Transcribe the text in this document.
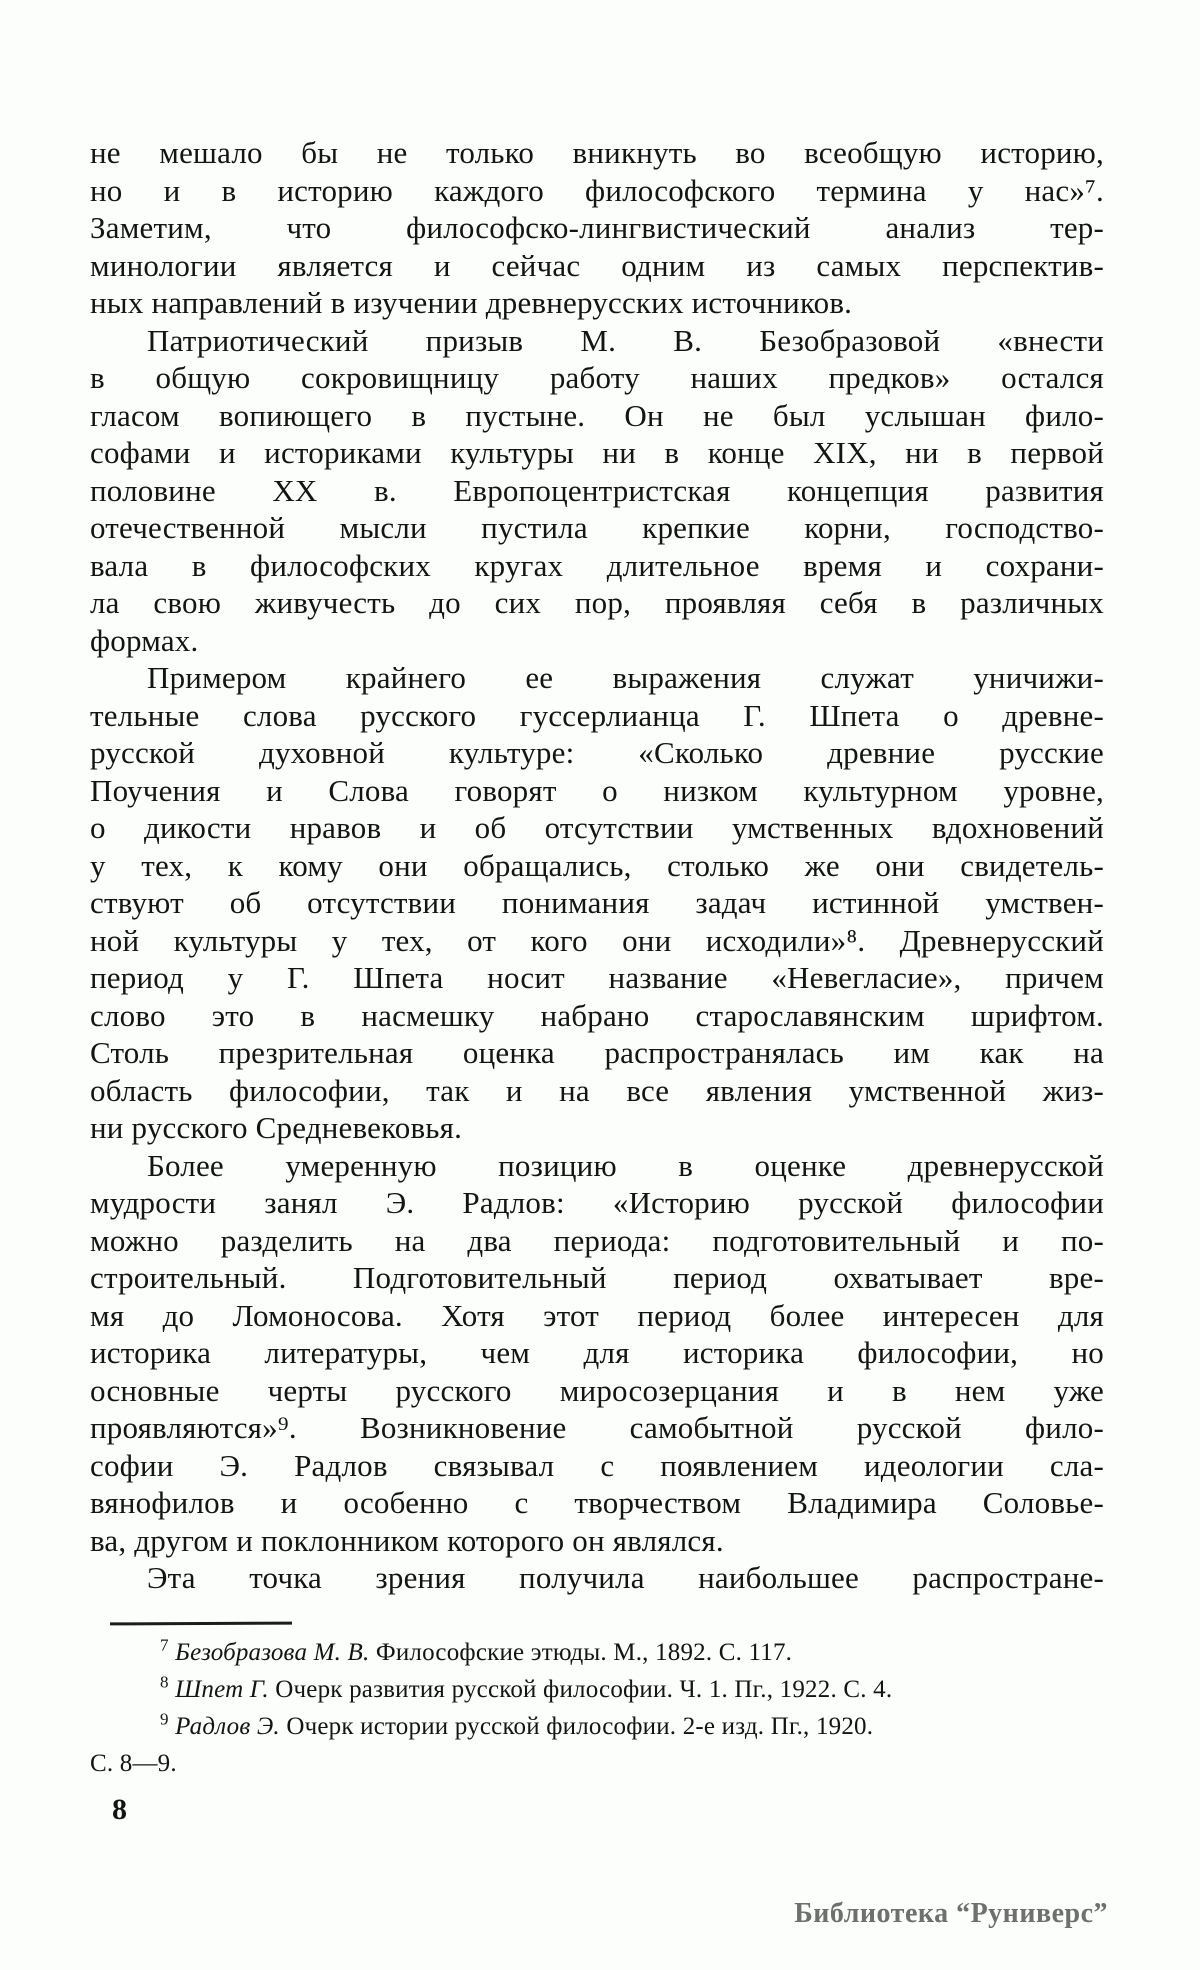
не мешало бы не только вникнуть во всеобщую историю,
но и в историю каждого философского термина у нас»⁷.
Заметим, что философско-лингвистический анализ тер-
минологии является и сейчас одним из самых перспектив-
ных направлений в изучении древнерусских источников.
Патриотический призыв М. В. Безобразовой «внести
в общую сокровищницу работу наших предков» остался
гласом вопиющего в пустыне. Он не был услышан фило-
софами и историками культуры ни в конце XIX, ни в первой
половине XX в. Европоцентристская концепция развития
отечественной мысли пустила крепкие корни, господство-
вала в философских кругах длительное время и сохрани-
ла свою живучесть до сих пор, проявляя себя в различных
формах.
Примером крайнего ее выражения служат уничижи-
тельные слова русского гуссерлианца Г. Шпета о древне-
русской духовной культуре: «Сколько древние русские
Поучения и Слова говорят о низком культурном уровне,
о дикости нравов и об отсутствии умственных вдохновений
у тех, к кому они обращались, столько же они свидетель-
ствуют об отсутствии понимания задач истинной умствен-
ной культуры у тех, от кого они исходили»⁸. Древнерусский
период у Г. Шпета носит название «Невегласие», причем
слово это в насмешку набрано старославянским шрифтом.
Столь презрительная оценка распространялась им как на
область философии, так и на все явления умственной жиз-
ни русского Средневековья.
Более умеренную позицию в оценке древнерусской
мудрости занял Э. Радлов: «Историю русской философии
можно разделить на два периода: подготовительный и по-
строительный. Подготовительный период охватывает вре-
мя до Ломоносова. Хотя этот период более интересен для
историка литературы, чем для историка философии, но
основные черты русского миросозерцания и в нем уже
проявляются»⁹. Возникновение самобытной русской фило-
софии Э. Радлов связывал с появлением идеологии сла-
вянофилов и особенно с творчеством Владимира Соловье-
ва, другом и поклонником которого он являлся.
Эта точка зрения получила наибольшее распростране-
$^7$ Безобразова М. В. Философские этюды. М., 1892. С. 117.
$^8$ Шпет Г. Очерк развития русской философии. Ч. 1. Пг., 1922. С. 4.
$^9$ Радлов Э. Очерк истории русской философии. 2-е изд. Пг., 1920.
С. 8—9.
8
Библиотека “Руниверс”
